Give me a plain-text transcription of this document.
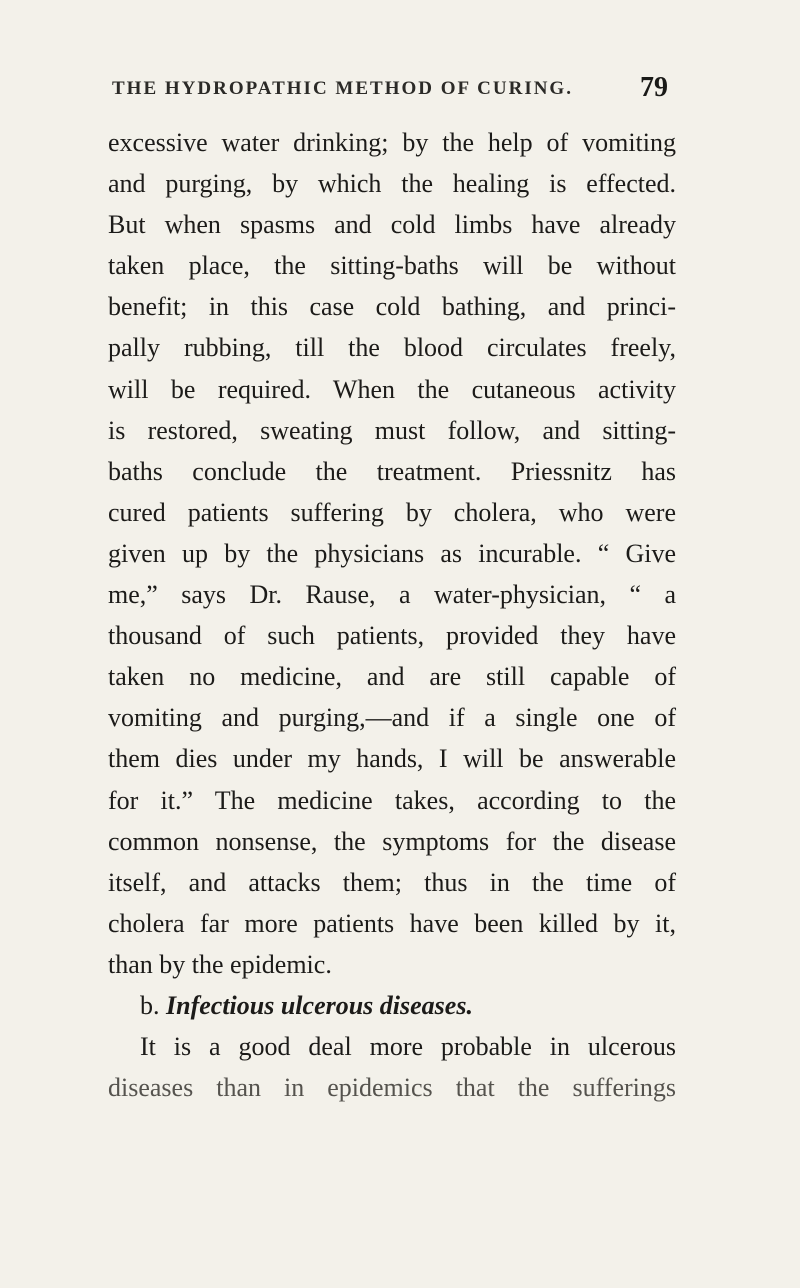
THE HYDROPATHIC METHOD OF CURING. 79
excessive water drinking; by the help of vomiting
and purging, by which the healing is effected.
But when spasms and cold limbs have already
taken place, the sitting-baths will be without
benefit; in this case cold bathing, and princi-
pally rubbing, till the blood circulates freely,
will be required. When the cutaneous activity
is restored, sweating must follow, and sitting-
baths conclude the treatment. Priessnitz has
cured patients suffering by cholera, who were
given up by the physicians as incurable. “ Give
me,” says Dr. Rause, a water-physician, “ a
thousand of such patients, provided they have
taken no medicine, and are still capable of
vomiting and purging,—and if a single one of
them dies under my hands, I will be answerable
for it.” The medicine takes, according to the
common nonsense, the symptoms for the disease
itself, and attacks them; thus in the time of
cholera far more patients have been killed by it,
than by the epidemic.
b. Infectious ulcerous diseases.
It is a good deal more probable in ulcerous
diseases than in epidemics that the sufferings
